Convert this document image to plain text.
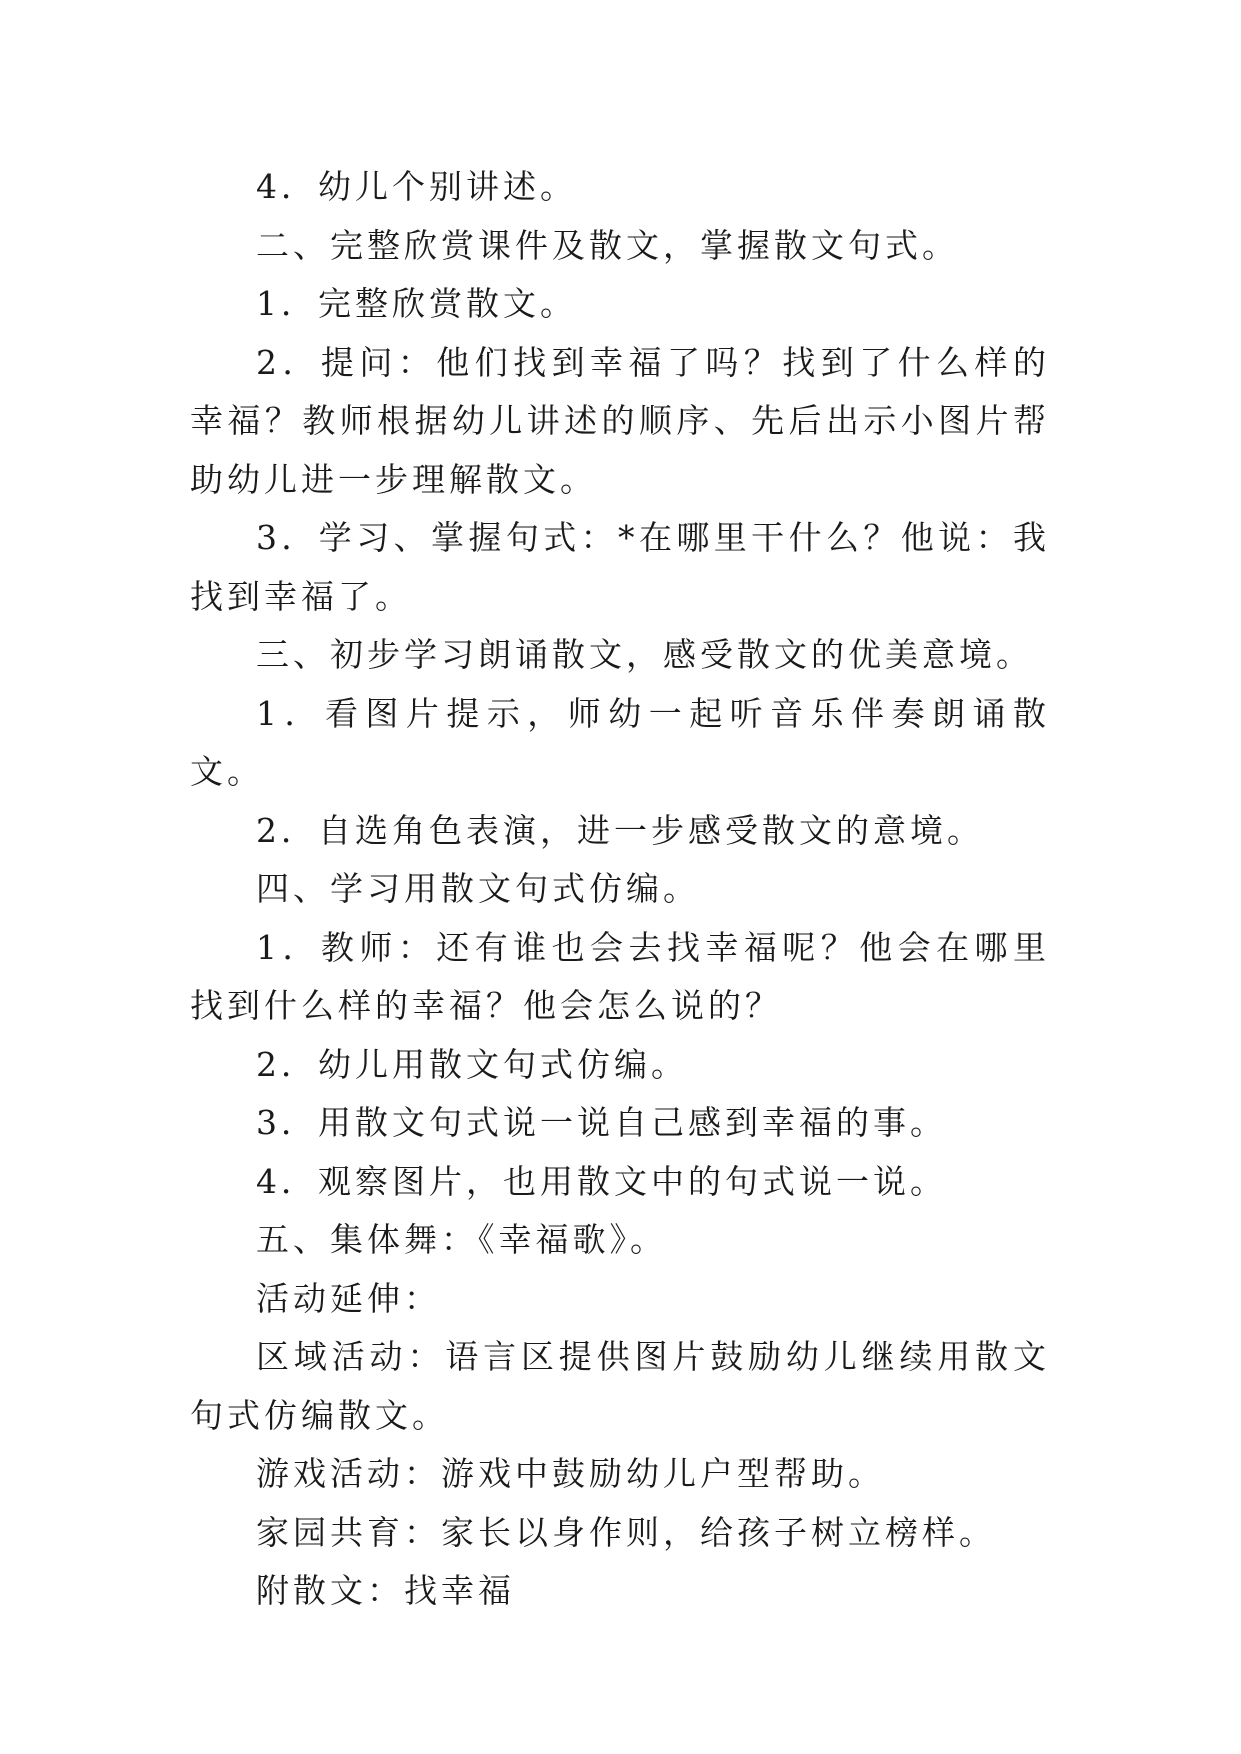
4．幼儿个别讲述。

二、完整欣赏课件及散文，掌握散文句式。

1．完整欣赏散文。

2．提问：他们找到幸福了吗？找到了什么样的幸福？教师根据幼儿讲述的顺序、先后出示小图片帮助幼儿进一步理解散文。

3．学习、掌握句式：*在哪里干什么？他说：我找到幸福了。

三、初步学习朗诵散文，感受散文的优美意境。

1．看图片提示，师幼一起听音乐伴奏朗诵散文。

2．自选角色表演，进一步感受散文的意境。

四、学习用散文句式仿编。

1．教师：还有谁也会去找幸福呢？他会在哪里找到什么样的幸福？他会怎么说的？

2．幼儿用散文句式仿编。

3．用散文句式说一说自己感到幸福的事。

4．观察图片，也用散文中的句式说一说。

五、集体舞：《幸福歌》。

活动延伸：

区域活动：语言区提供图片鼓励幼儿继续用散文句式仿编散文。

游戏活动：游戏中鼓励幼儿户型帮助。

家园共育：家长以身作则，给孩子树立榜样。

附散文：找幸福
